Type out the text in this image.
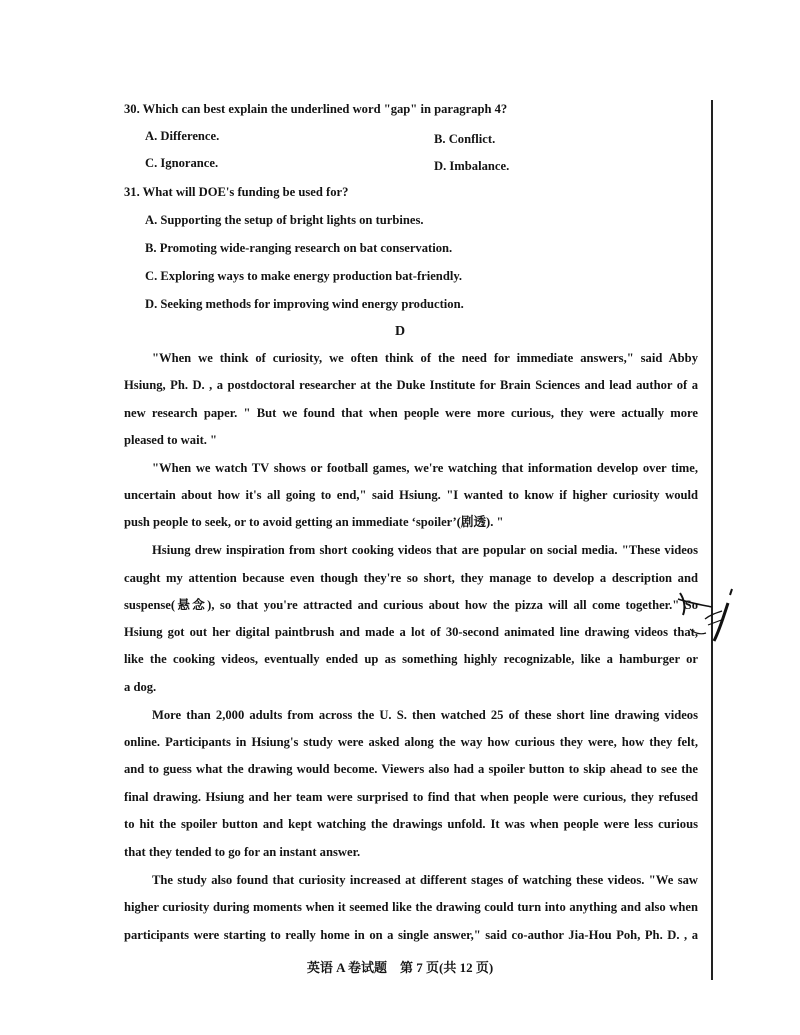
30. Which can best explain the underlined word "gap" in paragraph 4?
A. Difference.	B. Conflict.
C. Ignorance.	D. Imbalance.
31. What will DOE's funding be used for?
A. Supporting the setup of bright lights on turbines.
B. Promoting wide-ranging research on bat conservation.
C. Exploring ways to make energy production bat-friendly.
D. Seeking methods for improving wind energy production.
D
"When we think of curiosity, we often think of the need for immediate answers," said Abby
Hsiung, Ph. D. , a postdoctoral researcher at the Duke Institute for Brain Sciences and lead author of a
new research paper. " But we found that when people were more curious, they were actually more
pleased to wait. "
"When we watch TV shows or football games, we're watching that information develop over time,
uncertain about how it's all going to end," said Hsiung. "I wanted to know if higher curiosity would
push people to seek, or to avoid getting an immediate ‘spoiler’(剧透). "
Hsiung drew inspiration from short cooking videos that are popular on social media. "These videos
caught my attention because even though they're so short, they manage to develop a description and
suspense(悬念), so that you're attracted and curious about how the pizza will all come together." So
Hsiung got out her digital paintbrush and made a lot of 30-second animated line drawing videos that,
like the cooking videos, eventually ended up as something highly recognizable, like a hamburger or
a dog.
More than 2,000 adults from across the U. S. then watched 25 of these short line drawing videos
online. Participants in Hsiung's study were asked along the way how curious they were, how they felt,
and to guess what the drawing would become. Viewers also had a spoiler button to skip ahead to see the
final drawing. Hsiung and her team were surprised to find that when people were curious, they refused
to hit the spoiler button and kept watching the drawings unfold. It was when people were less curious
that they tended to go for an instant answer.
The study also found that curiosity increased at different stages of watching these videos. "We saw
higher curiosity during moments when it seemed like the drawing could turn into anything and also when
participants were starting to really home in on a single answer," said co-author Jia-Hou Poh, Ph. D. , a
英语 A 卷试题　第 7 页(共 12 页)
